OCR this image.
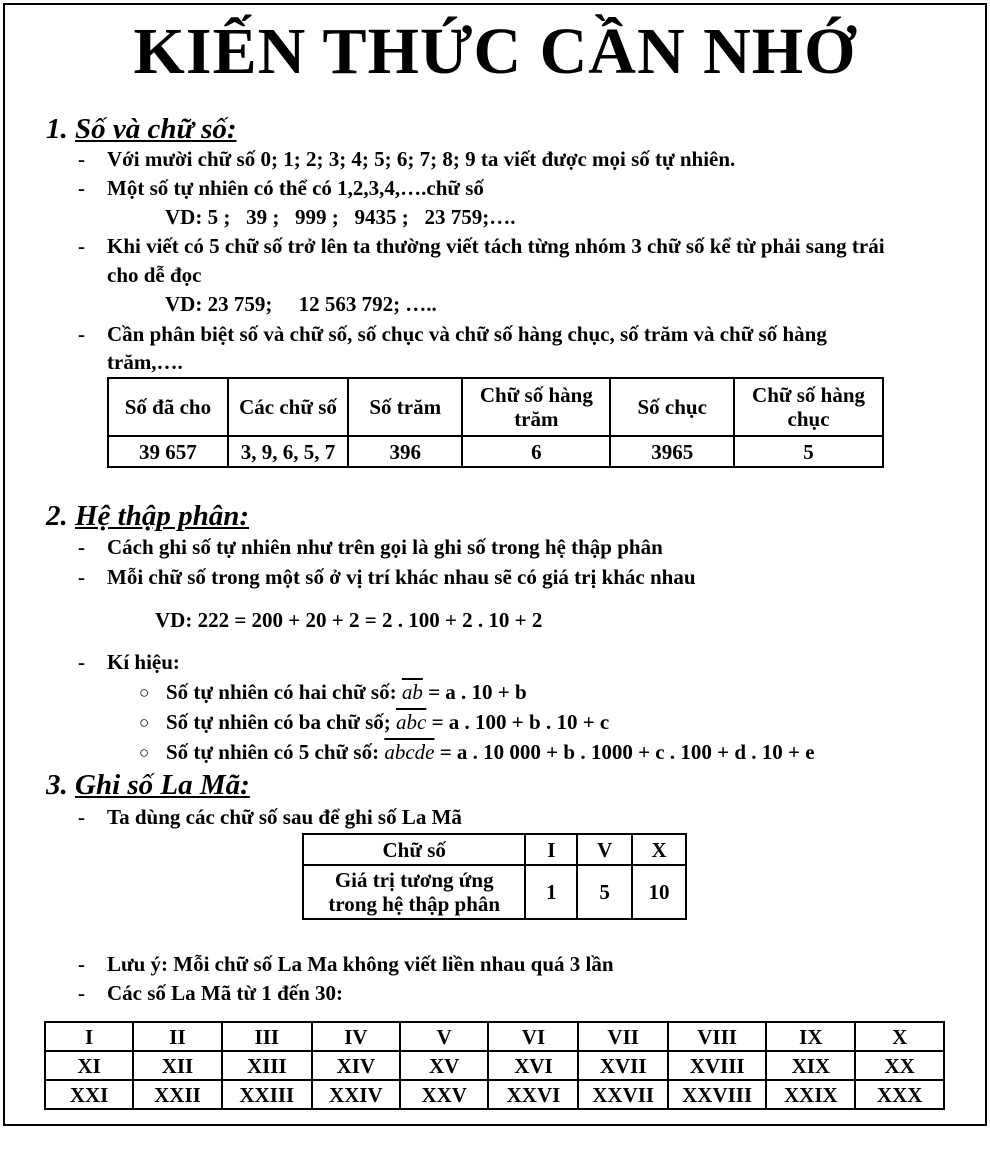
KIẾN THỨC CẦN NHỚ
1. Số và chữ số:
- Với mười chữ số 0; 1; 2; 3; 4; 5; 6; 7; 8; 9 ta viết được mọi số tự nhiên.
- Một số tự nhiên có thể có 1,2,3,4,….chữ số
VD: 5 ;   39 ;   999 ;   9435 ;   23 759;….
- Khi viết có 5 chữ số trở lên ta thường viết tách từng nhóm 3 chữ số kể từ phải sang trái
cho dễ đọc
VD: 23 759;     12 563 792; …..
- Cần phân biệt số và chữ số, số chục và chữ số hàng chục, số trăm và chữ số hàng
trăm,….
Số đã cho	Các chữ số	Số trăm	Chữ số hàng trăm	Số chục	Chữ số hàng chục
39 657	3, 9, 6, 5, 7	396	6	3965	5
2. Hệ thập phân:
- Cách ghi số tự nhiên như trên gọi là ghi số trong hệ thập phân
- Mỗi chữ số trong một số ở vị trí khác nhau sẽ có giá trị khác nhau
VD: 222 = 200 + 20 + 2 = 2 . 100 + 2 . 10 + 2
- Kí hiệu:
○ Số tự nhiên có hai chữ số: $\overline{ab} = a$ . 10 + b
○ Số tự nhiên có ba chữ số; $\overline{abc} = a$ . 100 + b . 10 + c
○ Số tự nhiên có 5 chữ số: abcde = a . 10 000 + b . 1000 + c . 100 + d . 10 + e
3. Ghi số La Mã:
- Ta dùng các chữ số sau để ghi số La Mã
Chữ số	I	V	X
Giá trị tương ứng trong hệ thập phân	1	5	10
- Lưu ý: Mỗi chữ số La Ma không viết liền nhau quá 3 lần
- Các số La Mã từ 1 đến 30:
I	II	III	IV	V	VI	VII	VIII	IX	X
XI	XII	XIII	XIV	XV	XVI	XVII	XVIII	XIX	XX
XXI	XXII	XXIII	XXIV	XXV	XXVI	XXVII	XXVIII	XXIX	XXX
